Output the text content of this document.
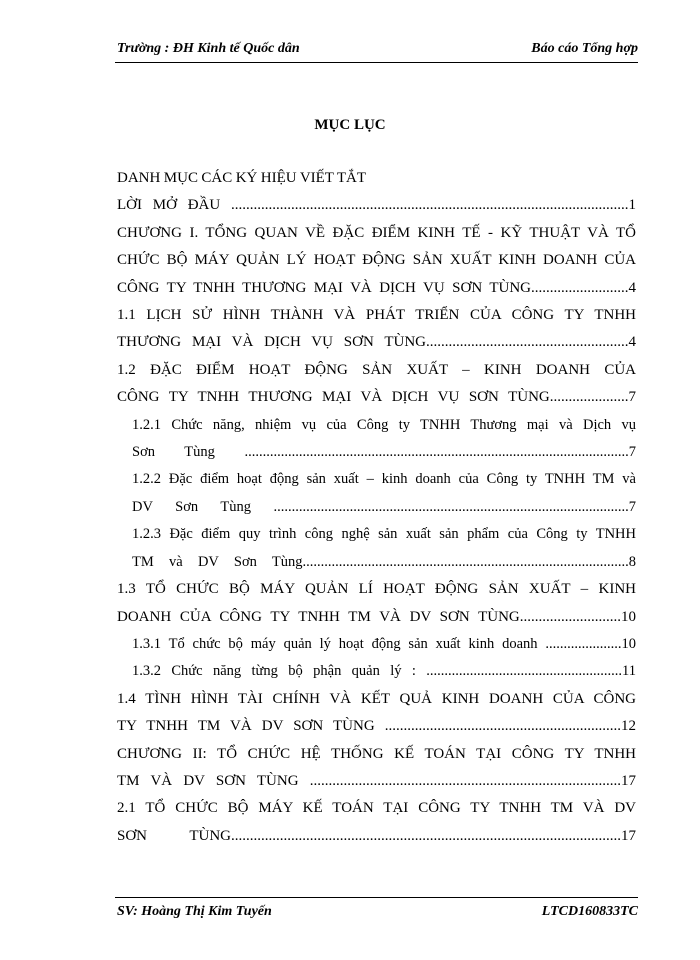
Trường : ĐH Kinh tế Quốc dân	Báo cáo Tổng hợp
MỤC LỤC
DANH MỤC CÁC KÝ HIỆU VIẾT TẮT
LỜI MỞ ĐẦU ..........................................................................................................1
CHƯƠNG I. TỔNG QUAN VỀ ĐẶC ĐIỂM KINH TẾ - KỸ THUẬT VÀ TỔ
CHỨC BỘ MÁY QUẢN LÝ HOẠT ĐỘNG SẢN XUẤT KINH DOANH CỦA
CÔNG TY TNHH THƯƠNG MẠI VÀ DỊCH VỤ SƠN TÙNG..........................4
1.1 LỊCH SỬ HÌNH THÀNH VÀ PHÁT TRIỂN CỦA CÔNG TY TNHH
THƯƠNG MẠI VÀ DỊCH VỤ SƠN TÙNG......................................................4
1.2 ĐẶC ĐIỂM HOẠT ĐỘNG SẢN XUẤT – KINH DOANH CỦA
CÔNG TY TNHH THƯƠNG MẠI VÀ DỊCH VỤ SƠN TÙNG.....................7
1.2.1 Chức năng, nhiệm vụ của Công ty TNHH Thương mại và Dịch vụ
Sơn Tùng ..........................................................................................................7
1.2.2 Đặc điểm hoạt động sản xuất – kinh doanh của Công ty TNHH TM và
DV Sơn Tùng ..................................................................................................7
1.2.3 Đặc điểm quy trình công nghệ sản xuất sản phẩm của Công ty TNHH
TM và DV Sơn Tùng..........................................................................................8
1.3 TỔ CHỨC BỘ MÁY QUẢN LÍ HOẠT ĐỘNG SẢN XUẤT – KINH
DOANH CỦA CÔNG TY TNHH TM VÀ DV SƠN TÙNG...........................10
1.3.1 Tổ chức bộ máy quản lý hoạt động sản xuất kinh doanh .....................10
1.3.2 Chức năng từng bộ phận quản lý : ......................................................11
1.4 TÌNH HÌNH TÀI CHÍNH VÀ KẾT QUẢ KINH DOANH CỦA CÔNG
TY TNHH TM VÀ DV SƠN TÙNG ...............................................................12
CHƯƠNG II: TỔ CHỨC HỆ THỐNG KẾ TOÁN TẠI CÔNG TY TNHH
TM VÀ DV SƠN TÙNG ...................................................................................17
2.1 TỔ CHỨC BỘ MÁY KẾ TOÁN TẠI CÔNG TY TNHH TM VÀ DV
SƠN TÙNG........................................................................................................17
SV: Hoàng Thị Kim Tuyến	LTCD160833TC
